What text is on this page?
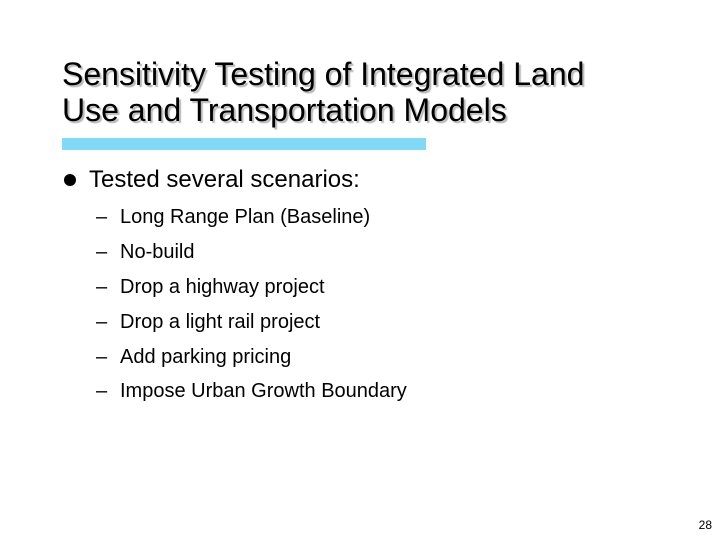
Sensitivity Testing of Integrated Land
Use and Transportation Models
Tested several scenarios:
– Long Range Plan (Baseline)
– No-build
– Drop a highway project
– Drop a light rail project
– Add parking pricing
– Impose Urban Growth Boundary
28
